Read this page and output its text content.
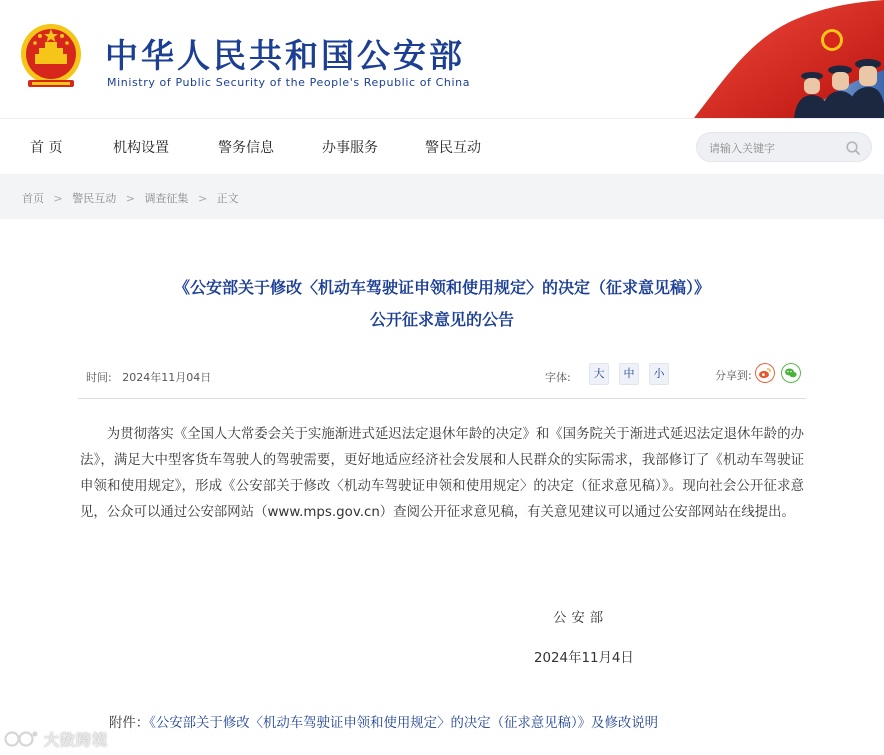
中华人民共和国公安部
Ministry of Public Security of the People's Republic of China
首 页	机构设置	警务信息	办事服务	警民互动
请输入关键字
首页 > 警民互动 > 调查征集 > 正文
《公安部关于修改〈机动车驾驶证申领和使用规定〉的决定（征求意见稿）》
公开征求意见的公告
时间: 2024年11月04日	字体:	大	中	小	分享到:

为贯彻落实《全国人大常委会关于实施渐进式延迟法定退休年龄的决定》和《国务院关于渐进式延迟法定退休年龄的办法》，满足大中型客货车驾驶人的驾驶需要，更好地适应经济社会发展和人民群众的实际需求，我部修订了《机动车驾驶证申领和使用规定》，形成《公安部关于修改〈机动车驾驶证申领和使用规定〉的决定（征求意见稿）》。现向社会公开征求意见，公众可以通过公安部网站（www.mps.gov.cn）查阅公开征求意见稿，有关意见建议可以通过公安部网站在线提出。

公安部
2024年11月4日
附件：《公安部关于修改〈机动车驾驶证申领和使用规定〉的决定（征求意见稿）》及修改说明
大数跨境
